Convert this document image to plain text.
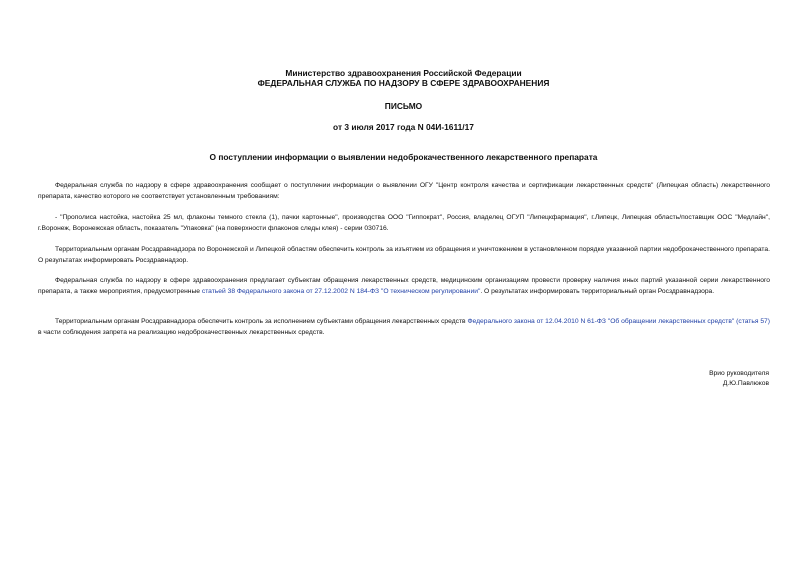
Министерство здравоохранения Российской Федерации
ФЕДЕРАЛЬНАЯ СЛУЖБА ПО НАДЗОРУ В СФЕРЕ ЗДРАВООХРАНЕНИЯ
ПИСЬМО
от 3 июля 2017 года N 04И-1611/17
О поступлении информации о выявлении недоброкачественного лекарственного препарата
Федеральная служба по надзору в сфере здравоохранения сообщает о поступлении информации о выявлении ОГУ "Центр контроля качества и сертификации лекарственных средств" (Липецкая область) лекарственного препарата, качество которого не соответствует установленным требованиям:
- "Прополиса настойка, настойка 25 мл, флаконы темного стекла (1), пачки картонные", производства ООО "Гиппократ", Россия, владелец ОГУП "Липецкфармация", г.Липецк, Липецкая область/поставщик ООС "Медлайн", г.Воронеж, Воронежская область, показатель "Упаковка" (на поверхности флаконов следы клея) - серии 030716.
Территориальным органам Росздравнадзора по Воронежской и Липецкой областям обеспечить контроль за изъятием из обращения и уничтожением в установленном порядке указанной партии недоброкачественного препарата. О результатах информировать Росздравнадзор.
Федеральная служба по надзору в сфере здравоохранения предлагает субъектам обращения лекарственных средств, медицинским организациям провести проверку наличия иных партий указанной серии лекарственного препарата, а также мероприятия, предусмотренные статьей 38 Федерального закона от 27.12.2002 N 184-ФЗ "О техническом регулировании". О результатах информировать территориальный орган Росздравнадзора.
Территориальным органам Росздравнадзора обеспечить контроль за исполнением субъектами обращения лекарственных средств Федерального закона от 12.04.2010 N 61-ФЗ "Об обращении лекарственных средств" (статья 57) в части соблюдения запрета на реализацию недоброкачественных лекарственных средств.
Врио руководителя
Д.Ю.Павлюков
